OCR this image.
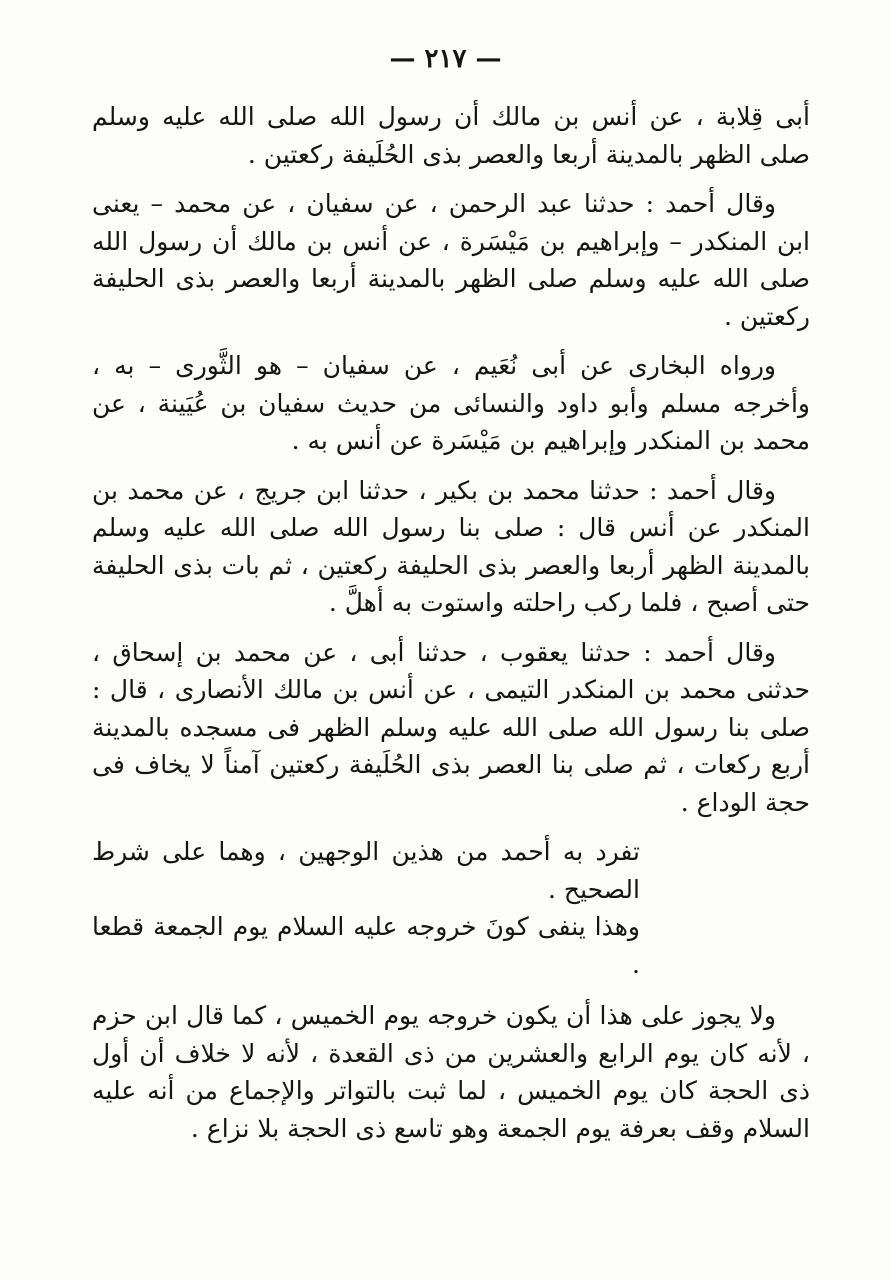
— ٢١٧ —

أبى قِلابة ، عن أنس بن مالك أن رسول الله صلى الله عليه وسلم صلى الظهر بالمدينة أربعا والعصر بذى الحُلَيفة ركعتين .

وقال أحمد : حدثنا عبد الرحمن ، عن سفيان ، عن محمد – يعنى ابن المنكدر – وإبراهيم بن مَيْسَرة ، عن أنس بن مالك أن رسول الله صلى الله عليه وسلم صلى الظهر بالمدينة أربعا والعصر بذى الحليفة ركعتين .

ورواه البخارى عن أبى نُعَيم ، عن سفيان – هو الثَّورى – به ، وأخرجه مسلم وأبو داود والنسائى من حديث سفيان بن عُيَينة ، عن محمد بن المنكدر وإبراهيم بن مَيْسَرة عن أنس به .

وقال أحمد : حدثنا محمد بن بكير ، حدثنا ابن جريج ، عن محمد بن المنكدر عن أنس قال : صلى بنا رسول الله صلى الله عليه وسلم بالمدينة الظهر أربعا والعصر بذى الحليفة ركعتين ، ثم بات بذى الحليفة حتى أصبح ، فلما ركب راحلته واستوت به أهلَّ .

وقال أحمد : حدثنا يعقوب ، حدثنا أبى ، عن محمد بن إسحاق ، حدثنى محمد بن المنكدر التيمى ، عن أنس بن مالك الأنصارى ، قال : صلى بنا رسول الله صلى الله عليه وسلم الظهر فى مسجده بالمدينة أربع ركعات ، ثم صلى بنا العصر بذى الحُلَيفة ركعتين آمناً لا يخاف فى حجة الوداع .

تفرد به أحمد من هذين الوجهين ، وهما على شرط الصحيح .

وهذا ينفى كونَ خروجه عليه السلام يوم الجمعة قطعا .

ولا يجوز على هذا أن يكون خروجه يوم الخميس ، كما قال ابن حزم ، لأنه كان يوم الرابع والعشرين من ذى القعدة ، لأنه لا خلاف أن أول ذى الحجة كان يوم الخميس ، لما ثبت بالتواتر والإجماع من أنه عليه السلام وقف بعرفة يوم الجمعة وهو تاسع ذى الحجة بلا نزاع .
